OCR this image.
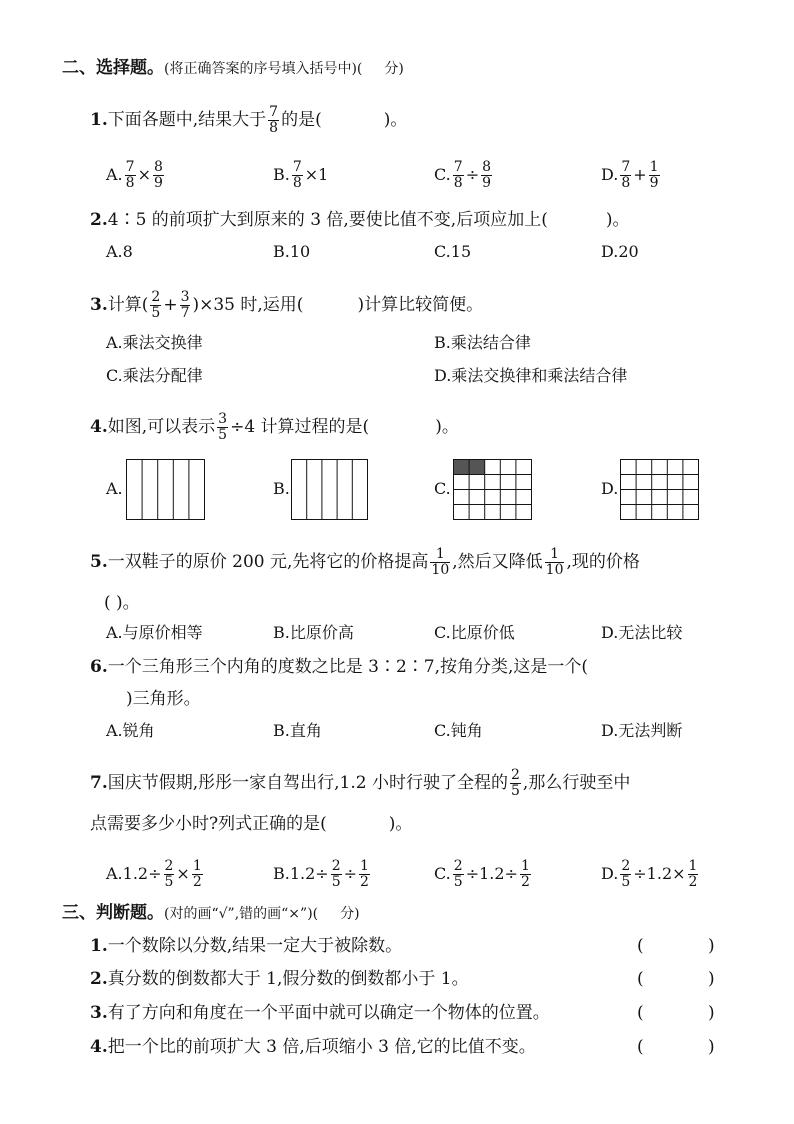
二、选择题。(将正确答案的序号填入括号中)( 分)
1.下面各题中,结果大于 $\frac{7}{8}$ 的是(	)。
A. $\frac{7}{8} \times \frac{8}{9}$	B. $\frac{7}{8} \times 1$	C. $\frac{7}{8} \div \frac{8}{9}$	D. $\frac{7}{8} + \frac{1}{9}$
2.4∶5 的前项扩大到原来的 3 倍,要使比值不变,后项应加上(	)。
A.8	B.10	C.15	D.20
3.计算( $\frac{2}{5} + \frac{3}{7} )\times 35$ 时,运用(	)计算比较简便。
A.乘法交换律	B.乘法结合律
C.乘法分配律	D.乘法交换律和乘法结合律
4.如图,可以表示 $\frac{3}{5} \div 4$ 计算过程的是(	)。
A.	B.	C.	D.
5.一双鞋子的原价 200 元,先将它的价格提高 $\frac{1}{10}$ ,然后又降低 $\frac{1}{10}$ ,现的价格
( )。
A.与原价相等	B.比原价高	C.比原价低	D.无法比较
6.一个三角形三个内角的度数之比是 3∶2∶7,按角分类,这是一个(
)三角形。
A.锐角	B.直角	C.钝角	D.无法判断
7.国庆节假期,彤彤一家自驾出行,1.2 小时行驶了全程的 $\frac{2}{5}$ ,那么行驶至中
点需要多少小时?列式正确的是(	)。
$A.1.2\div \frac{2}{5} \times \frac{1}{2}$	$B.1.2\div \frac{2}{5} \div \frac{1}{2}$	C. $\frac{2}{5} \div 1.2\div \frac{1}{2}$	D. $\frac{2}{5} \div 1.2\times \frac{1}{2}$
三、判断题。(对的画“√”,错的画“×”)( 分)
1.一个数除以分数,结果一定大于被除数。	(	)
2.真分数的倒数都大于 1,假分数的倒数都小于 1。	(	)
3.有了方向和角度在一个平面中就可以确定一个物体的位置。	(	)
4.把一个比的前项扩大 3 倍,后项缩小 3 倍,它的比值不变。	(	)
